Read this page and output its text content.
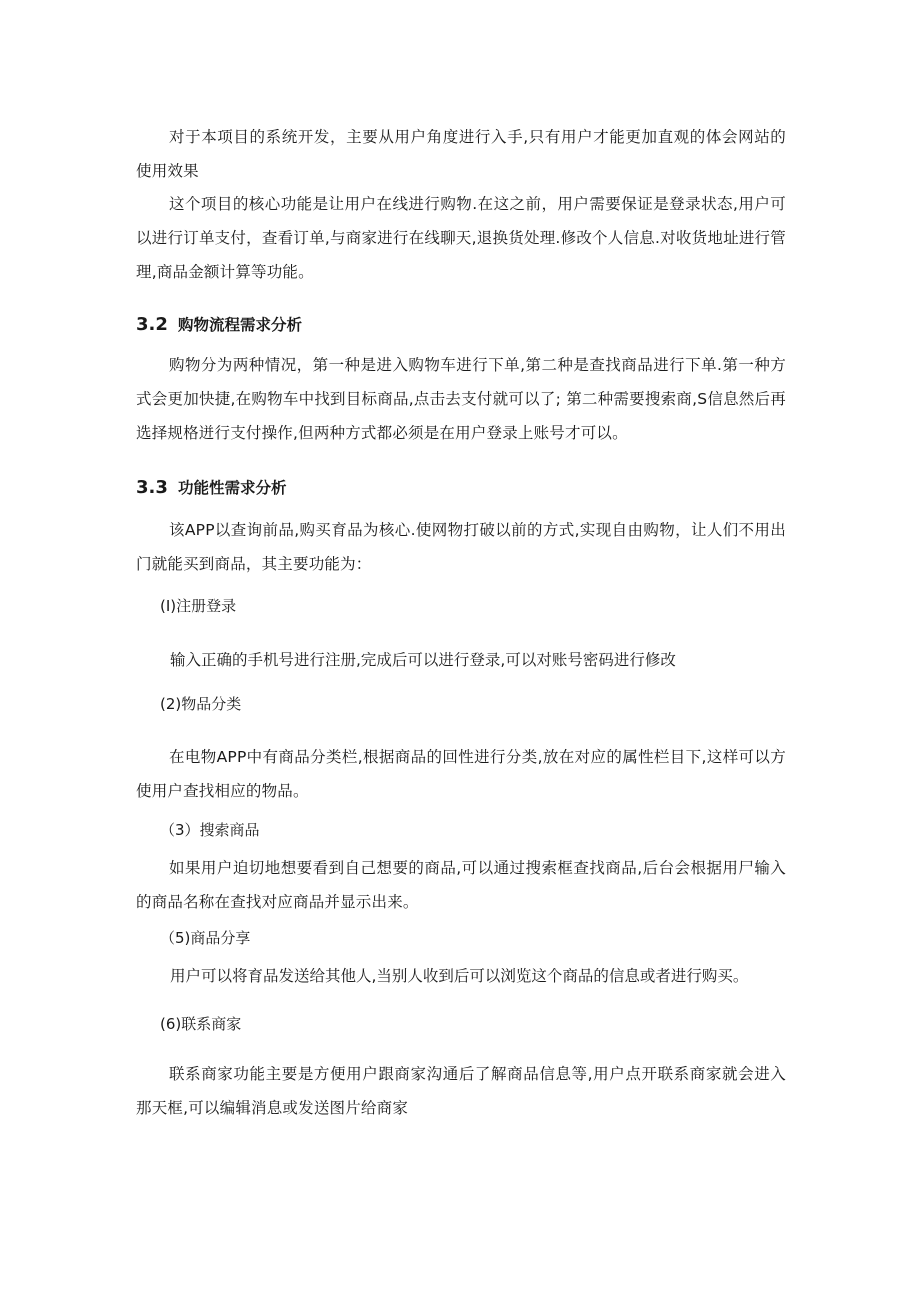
对于本项目的系统开发，主要从用户角度进行入手,只有用户才能更加直观的体会网站的使用效果

这个项目的核心功能是让用户在线进行购物.在这之前，用户需要保证是登录状态,用户可以进行订单支付，查看订单,与商家进行在线聊天,退换货处理.修改个人信息.对收货地址进行管理,商品金额计算等功能。

3.2 购物流程需求分析

购物分为两种情况，第一种是进入购物车进行下单,第二种是查找商品进行下单.第一种方式会更加快捷,在购物车中找到目标商品,点击去支付就可以了; 第二种需要搜索商,S信息然后再选择规格迸行支付操作,但两种方式都必须是在用户登录上账号才可以。

3.3 功能性需求分析

该APP以查询前品,购买育品为核心.使网物打破以前的方式,实现自由购物，让人们不用出门就能买到商品，其主要功能为：

(I)注册登录

输入正确的手机号进行注册,完成后可以进行登录,可以对账号密码进行修改

(2)物品分类

在电物APP中有商品分类栏,根据商品的回性进行分类,放在对应的属性栏目下,这样可以方使用户查找相应的物品。

（3）搜索商品

如果用户迫切地想要看到自己想要的商品,可以通过搜索框查找商品,后台会根据用尸输入的商品名称在查找对应商品并显示出来。

（5)商品分享

用户可以将育品发送给其他人,当别人收到后可以浏览这个商品的信息或者进行购买。

(6)联系商家

联系商家功能主要是方便用户跟商家沟通后了解商品信息等,用户点开联系商家就会进入那天框,可以编辑消息或发送图片给商家
